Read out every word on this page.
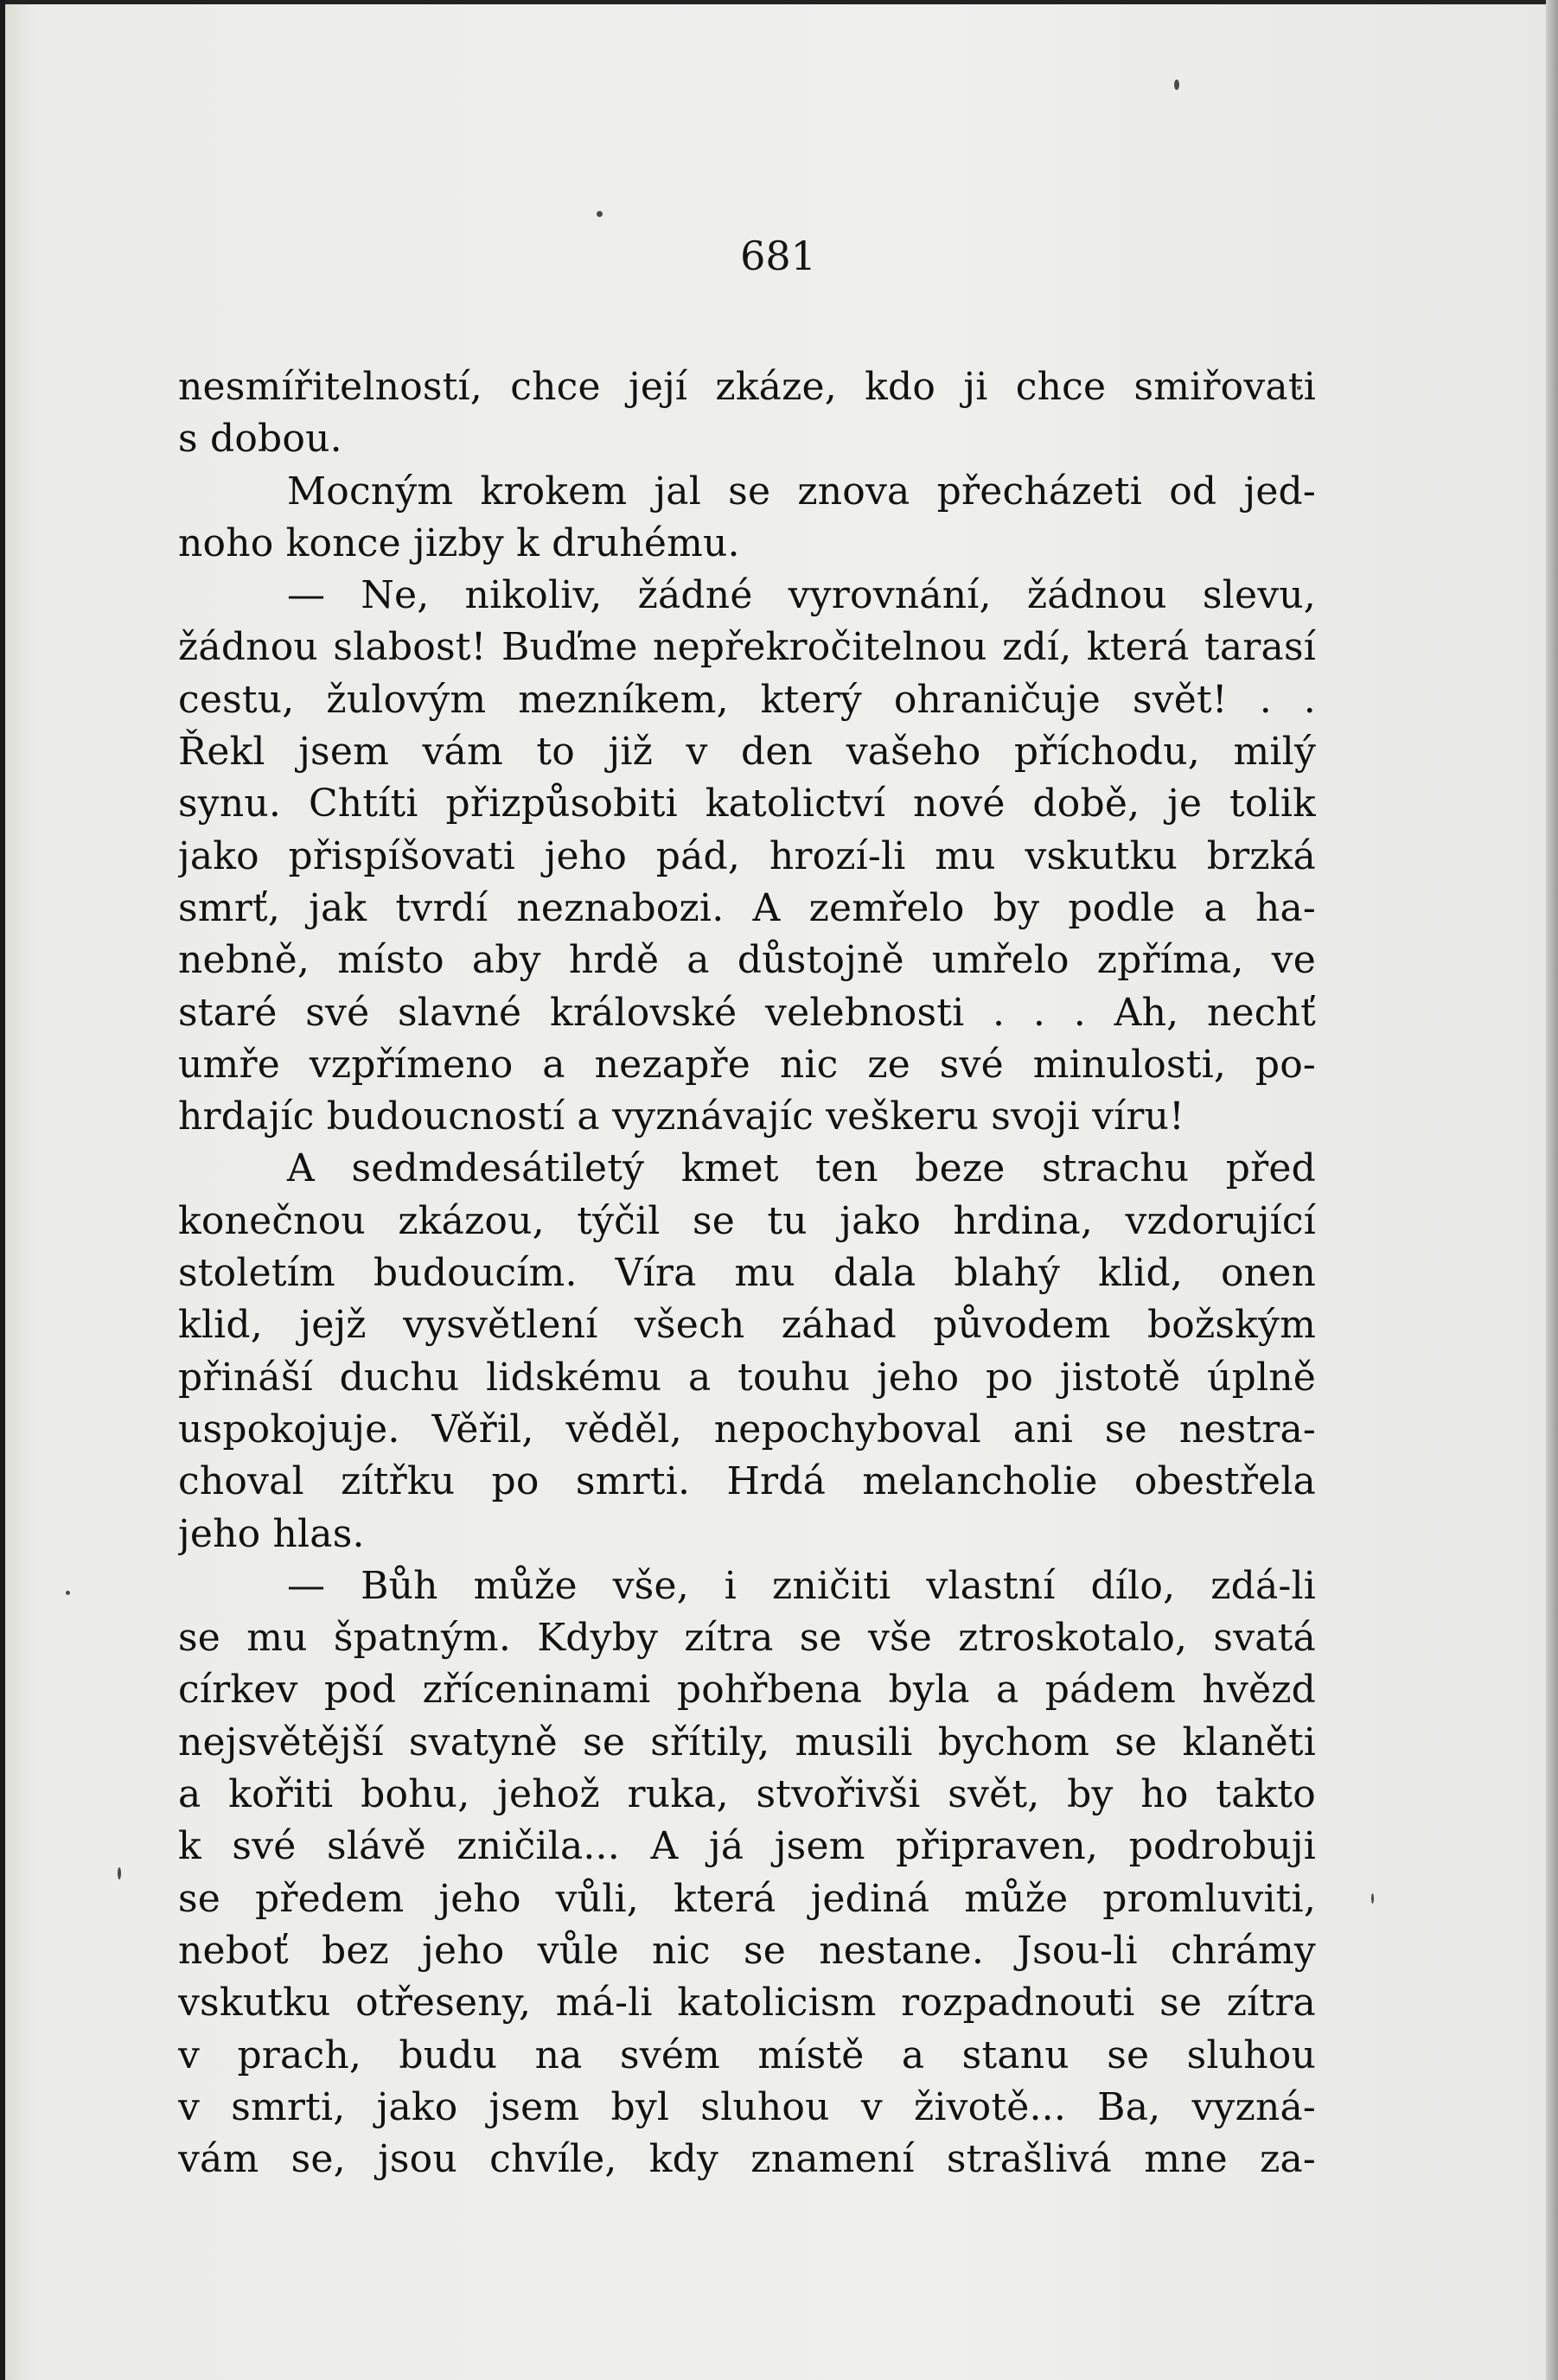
681
nesmířitelností, chce její zkáze, kdo ji chce smiřovati
s dobou.
Mocným krokem jal se znova přecházeti od jed-
noho konce jizby k druhému.
— Ne, nikoliv, žádné vyrovnání, žádnou slevu,
žádnou slabost! Buďme nepřekročitelnou zdí, která tarasí
cestu, žulovým mezníkem, který ohraničuje svět! . .
Řekl jsem vám to již v den vašeho příchodu, milý
synu. Chtíti přizpůsobiti katolictví nové době, je tolik
jako přispíšovati jeho pád, hrozí-li mu vskutku brzká
smrť, jak tvrdí neznabozi. A zemřelo by podle a ha-
nebně, místo aby hrdě a důstojně umřelo zpříma, ve
staré své slavné královské velebnosti . . . Ah, nechť
umře vzpřímeno a nezapře nic ze své minulosti, po-
hrdajíc budoucností a vyznávajíc veškeru svoji víru!
A sedmdesátiletý kmet ten beze strachu před
konečnou zkázou, týčil se tu jako hrdina, vzdorující
stoletím budoucím. Víra mu dala blahý klid, onen
klid, jejž vysvětlení všech záhad původem božským
přináší duchu lidskému a touhu jeho po jistotě úplně
uspokojuje. Věřil, věděl, nepochyboval ani se nestra-
choval zítřku po smrti. Hrdá melancholie obestřela
jeho hlas.
— Bůh může vše, i zničiti vlastní dílo, zdá-li
se mu špatným. Kdyby zítra se vše ztroskotalo, svatá
církev pod zříceninami pohřbena byla a pádem hvězd
nejsvětější svatyně se sřítily, musili bychom se klaněti
a kořiti bohu, jehož ruka, stvořivši svět, by ho takto
k své slávě zničila... A já jsem připraven, podrobuji
se předem jeho vůli, která jediná může promluviti,
neboť bez jeho vůle nic se nestane. Jsou-li chrámy
vskutku otřeseny, má-li katolicism rozpadnouti se zítra
v prach, budu na svém místě a stanu se sluhou
v smrti, jako jsem byl sluhou v životě... Ba, vyzná-
vám se, jsou chvíle, kdy znamení strašlivá mne za-
